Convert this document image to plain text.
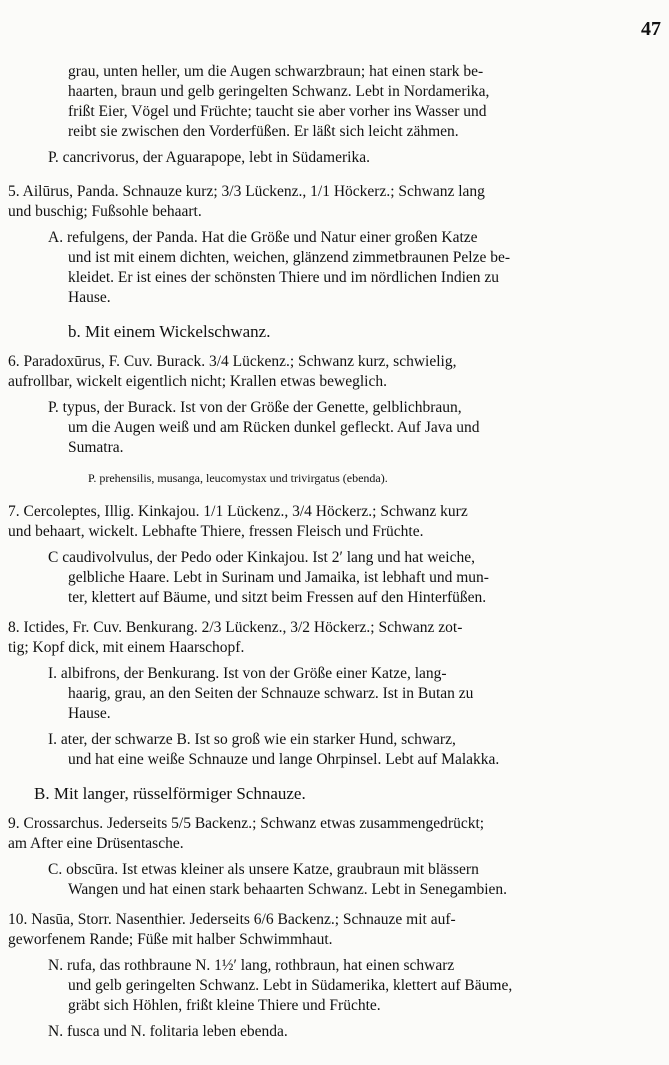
47
grau, unten heller, um die Augen schwarzbraun; hat einen stark be-
haarten, braun und gelb geringelten Schwanz. Lebt in Nordamerika,
frißt Eier, Vögel und Früchte; taucht sie aber vorher ins Wasser und
reibt sie zwischen den Vorderfüßen. Er läßt sich leicht zähmen.
P. cancrivorus, der Aguarapope, lebt in Südamerika.
5. Ailūrus, Panda. Schnauze kurz; 3/3 Lückenz., 1/1 Höckerz.; Schwanz lang
und buschig; Fußsohle behaart.
A. refulgens, der Panda. Hat die Größe und Natur einer großen Katze
und ist mit einem dichten, weichen, glänzend zimmetbraunen Pelze be-
kleidet. Er ist eines der schönsten Thiere und im nördlichen Indien zu
Hause.
b. Mit einem Wickelschwanz.
6. Paradoxūrus, F. Cuv. Burack. 3/4 Lückenz.; Schwanz kurz, schwielig,
aufrollbar, wickelt eigentlich nicht; Krallen etwas beweglich.
P. typus, der Burack. Ist von der Größe der Genette, gelblichbraun,
um die Augen weiß und am Rücken dunkel gefleckt. Auf Java und
Sumatra.
P. prehensilis, musanga, leucomystax und trivirgatus (ebenda).
7. Cercoleptes, Illig. Kinkajou. 1/1 Lückenz., 3/4 Höckerz.; Schwanz kurz
und behaart, wickelt. Lebhafte Thiere, fressen Fleisch und Früchte.
C caudivolvulus, der Pedo oder Kinkajou. Ist 2′ lang und hat weiche,
gelbliche Haare. Lebt in Surinam und Jamaika, ist lebhaft und mun-
ter, klettert auf Bäume, und sitzt beim Fressen auf den Hinterfüßen.
8. Ictides, Fr. Cuv. Benkurang. 2/3 Lückenz., 3/2 Höckerz.; Schwanz zot-
tig; Kopf dick, mit einem Haarschopf.
I. albifrons, der Benkurang. Ist von der Größe einer Katze, lang-
haarig, grau, an den Seiten der Schnauze schwarz. Ist in Butan zu
Hause.
I. ater, der schwarze B. Ist so groß wie ein starker Hund, schwarz,
und hat eine weiße Schnauze und lange Ohrpinsel. Lebt auf Malakka.
B. Mit langer, rüsselförmiger Schnauze.
9. Crossarchus. Jederseits 5/5 Backenz.; Schwanz etwas zusammengedrückt;
am After eine Drüsentasche.
C. obscūra. Ist etwas kleiner als unsere Katze, graubraun mit blässern
Wangen und hat einen stark behaarten Schwanz. Lebt in Senegambien.
10. Nasūa, Storr. Nasenthier. Jederseits 6/6 Backenz.; Schnauze mit auf-
geworfenem Rande; Füße mit halber Schwimmhaut.
N. rufa, das rothbraune N. 1½′ lang, rothbraun, hat einen schwarz
und gelb geringelten Schwanz. Lebt in Südamerika, klettert auf Bäume,
gräbt sich Höhlen, frißt kleine Thiere und Früchte.
N. fusca und N. folitaria leben ebenda.
